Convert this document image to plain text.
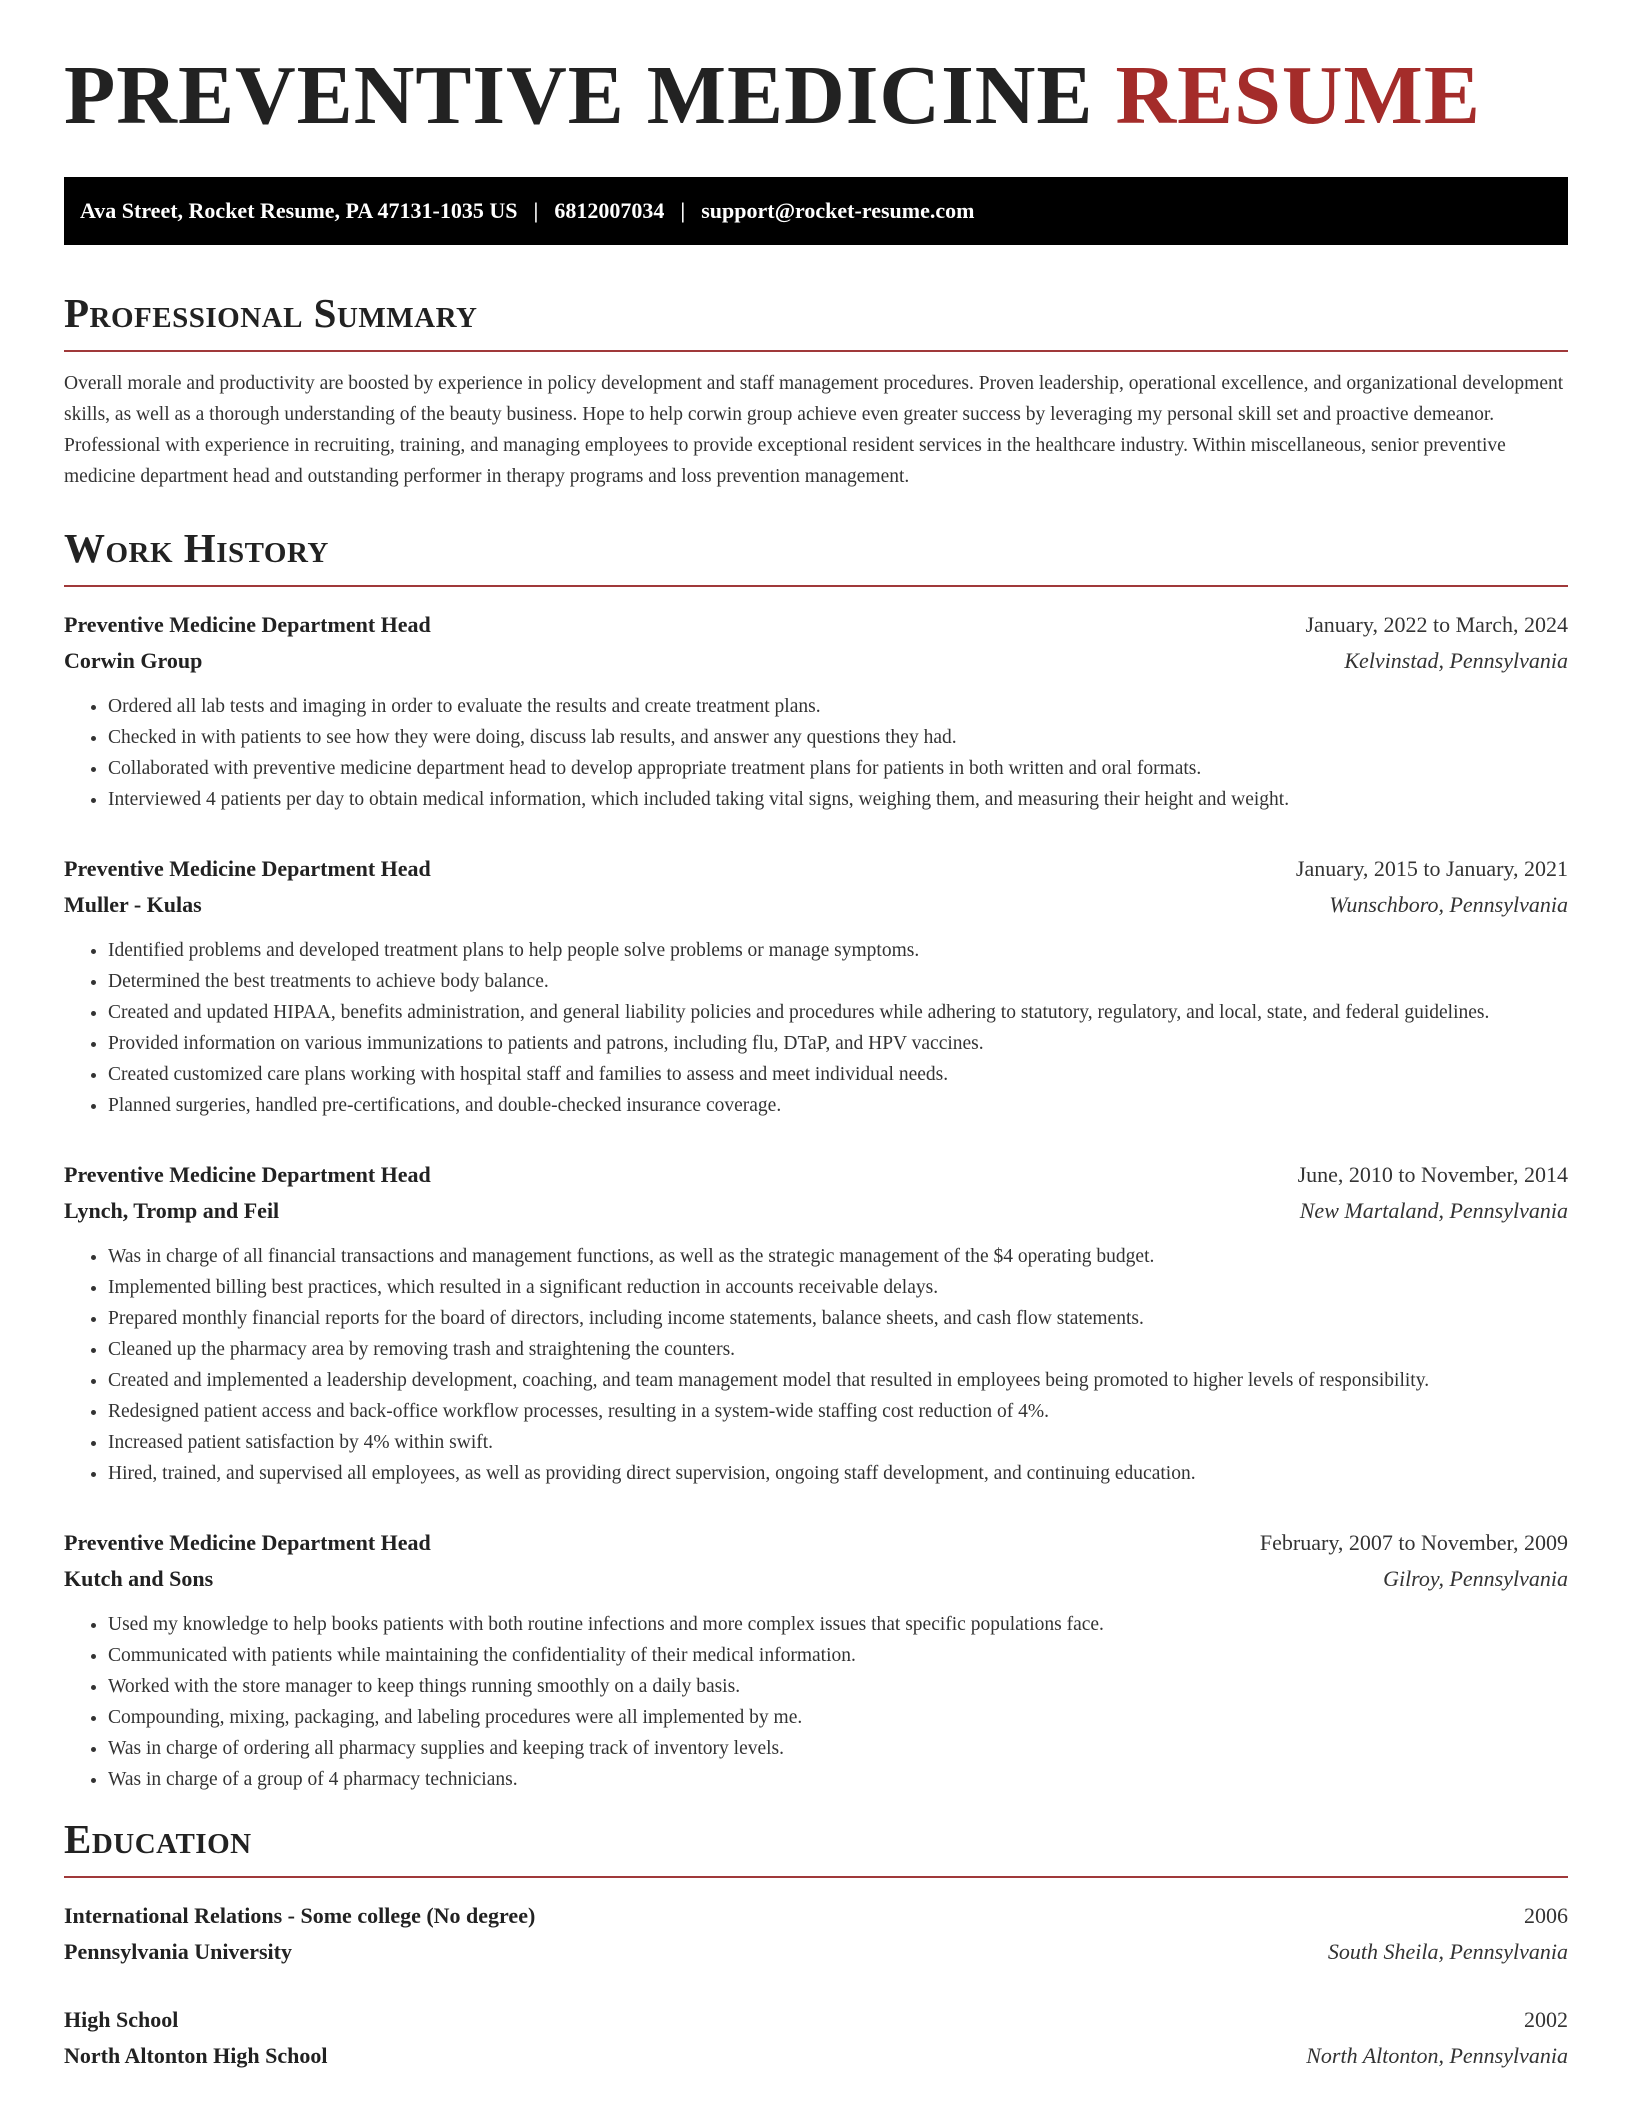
PREVENTIVE MEDICINE RESUME
Ava Street, Rocket Resume, PA 47131-1035 US | 6812007034 | support@rocket-resume.com
Professional Summary

Overall morale and productivity are boosted by experience in policy development and staff management procedures. Proven leadership, operational excellence, and organizational development skills, as well as a thorough understanding of the beauty business. Hope to help corwin group achieve even greater success by leveraging my personal skill set and proactive demeanor. Professional with experience in recruiting, training, and managing employees to provide exceptional resident services in the healthcare industry. Within miscellaneous, senior preventive medicine department head and outstanding performer in therapy programs and loss prevention management.

Work History
Preventive Medicine Department Head	January, 2022 to March, 2024
Corwin Group	Kelvinstad, Pennsylvania
• Ordered all lab tests and imaging in order to evaluate the results and create treatment plans.
• Checked in with patients to see how they were doing, discuss lab results, and answer any questions they had.
• Collaborated with preventive medicine department head to develop appropriate treatment plans for patients in both written and oral formats.
• Interviewed 4 patients per day to obtain medical information, which included taking vital signs, weighing them, and measuring their height and weight.
Preventive Medicine Department Head	January, 2015 to January, 2021
Muller - Kulas	Wunschboro, Pennsylvania
• Identified problems and developed treatment plans to help people solve problems or manage symptoms.
• Determined the best treatments to achieve body balance.
• Created and updated HIPAA, benefits administration, and general liability policies and procedures while adhering to statutory, regulatory, and local, state, and federal guidelines.
• Provided information on various immunizations to patients and patrons, including flu, DTaP, and HPV vaccines.
• Created customized care plans working with hospital staff and families to assess and meet individual needs.
• Planned surgeries, handled pre-certifications, and double-checked insurance coverage.
Preventive Medicine Department Head	June, 2010 to November, 2014
Lynch, Tromp and Feil	New Martaland, Pennsylvania
• Was in charge of all financial transactions and management functions, as well as the strategic management of the $4 operating budget.
• Implemented billing best practices, which resulted in a significant reduction in accounts receivable delays.
• Prepared monthly financial reports for the board of directors, including income statements, balance sheets, and cash flow statements.
• Cleaned up the pharmacy area by removing trash and straightening the counters.
• Created and implemented a leadership development, coaching, and team management model that resulted in employees being promoted to higher levels of responsibility.
• Redesigned patient access and back-office workflow processes, resulting in a system-wide staffing cost reduction of 4%.
• Increased patient satisfaction by 4% within swift.
• Hired, trained, and supervised all employees, as well as providing direct supervision, ongoing staff development, and continuing education.
Preventive Medicine Department Head	February, 2007 to November, 2009
Kutch and Sons	Gilroy, Pennsylvania
• Used my knowledge to help books patients with both routine infections and more complex issues that specific populations face.
• Communicated with patients while maintaining the confidentiality of their medical information.
• Worked with the store manager to keep things running smoothly on a daily basis.
• Compounding, mixing, packaging, and labeling procedures were all implemented by me.
• Was in charge of ordering all pharmacy supplies and keeping track of inventory levels.
• Was in charge of a group of 4 pharmacy technicians.
Education
International Relations - Some college (No degree)	2006
Pennsylvania University	South Sheila, Pennsylvania
High School	2002
North Altonton High School	North Altonton, Pennsylvania
